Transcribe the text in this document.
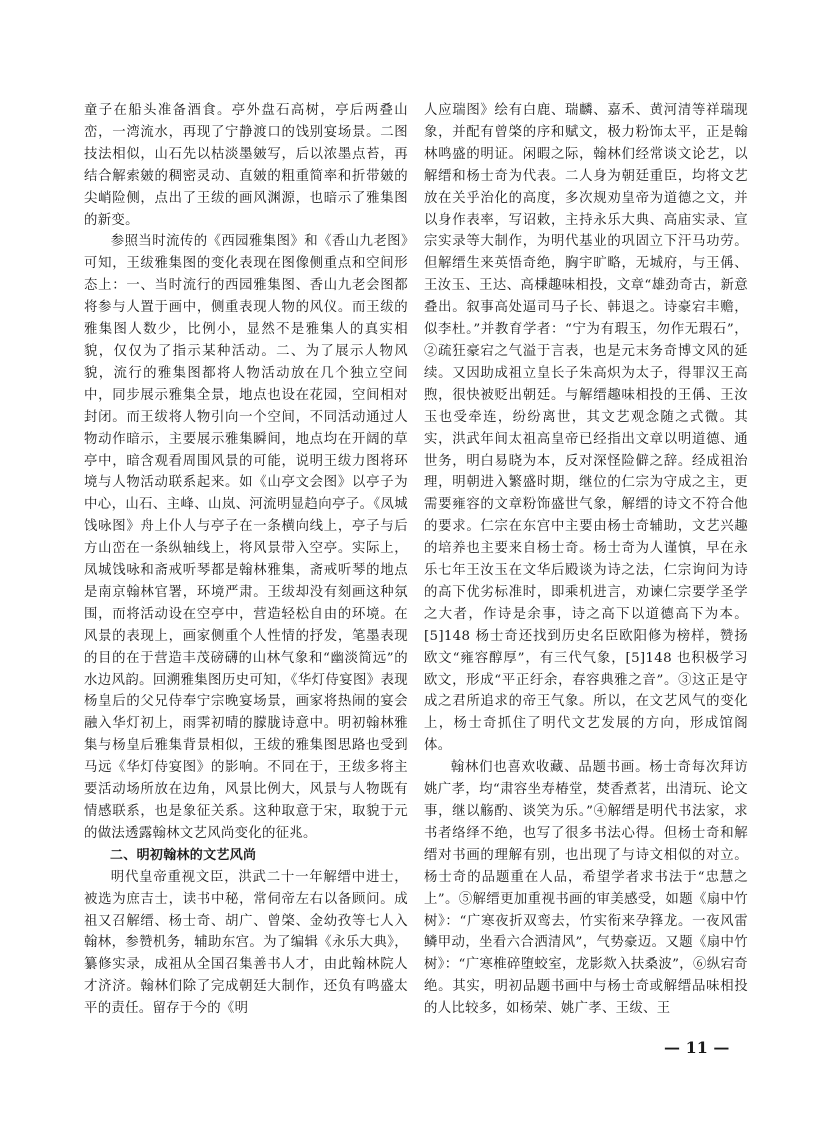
童子在船头准备酒食。亭外盘石高树，亭后两叠山峦，一湾流水，再现了宁静渡口的饯别宴场景。二图技法相似，山石先以枯淡墨皴写，后以浓墨点苔，再结合解索皴的稠密灵动、直皴的粗重简率和折带皴的尖峭险侧，点出了王绂的画风渊源，也暗示了雅集图的新变。

参照当时流传的《西园雅集图》和《香山九老图》可知，王绂雅集图的变化表现在图像侧重点和空间形态上：一、当时流行的西园雅集图、香山九老会图都将参与人置于画中，侧重表现人物的风仪。而王绂的雅集图人数少，比例小，显然不是雅集人的真实相貌，仅仅为了指示某种活动。二、为了展示人物风貌，流行的雅集图都将人物活动放在几个独立空间中，同步展示雅集全景，地点也设在花园，空间相对封闭。而王绂将人物引向一个空间，不同活动通过人物动作暗示，主要展示雅集瞬间，地点均在开阔的草亭中，暗含观看周围风景的可能，说明王绂力图将环境与人物活动联系起来。如《山亭文会图》以亭子为中心，山石、主峰、山岚、河流明显趋向亭子。《凤城饯咏图》舟上仆人与亭子在一条横向线上，亭子与后方山峦在一条纵轴线上，将风景带入空亭。实际上，凤城饯咏和斋戒听琴都是翰林雅集，斋戒听琴的地点是南京翰林官署，环境严肃。王绂却没有刻画这种氛围，而将活动设在空亭中，营造轻松自由的环境。在风景的表现上，画家侧重个人性情的抒发，笔墨表现的目的在于营造丰茂磅礴的山林气象和“幽淡简远”的水边风韵。回溯雅集图历史可知，《华灯侍宴图》表现杨皇后的父兄侍奉宁宗晚宴场景，画家将热闹的宴会融入华灯初上，雨霁初晴的朦胧诗意中。明初翰林雅集与杨皇后雅集背景相似，王绂的雅集图思路也受到马远《华灯侍宴图》的影响。不同在于，王绂多将主要活动场所放在边角，风景比例大，风景与人物既有情感联系，也是象征关系。这种取意于宋，取貌于元的做法透露翰林文艺风尚变化的征兆。

二、明初翰林的文艺风尚

明代皇帝重视文臣，洪武二十一年解缙中进士，被选为庶吉士，读书中秘，常伺帝左右以备顾问。成祖又召解缙、杨士奇、胡广、曾棨、金幼孜等七人入翰林，参赞机务，辅助东宫。为了编辑《永乐大典》，纂修实录，成祖从全国召集善书人才，由此翰林院人才济济。翰林们除了完成朝廷大制作，还负有鸣盛太平的责任。留存于今的《明

人应瑞图》绘有白鹿、瑞麟、嘉禾、黄河清等祥瑞现象，并配有曾棨的序和赋文，极力粉饰太平，正是翰林鸣盛的明证。闲暇之际，翰林们经常谈文论艺，以解缙和杨士奇为代表。二人身为朝廷重臣，均将文艺放在关乎治化的高度，多次规劝皇帝为道德之文，并以身作表率，写诏敕，主持永乐大典、高庙实录、宣宗实录等大制作，为明代基业的巩固立下汗马功劳。但解缙生来英悟奇绝，胸宇旷略，无城府，与王偁、王汝玉、王达、高棅趣味相投，文章“雄劲奇古，新意叠出。叙事高处逼司马子长、韩退之。诗豪宕丰赡，似李杜。”并教育学者：“宁为有瑕玉，勿作无瑕石”，②疏狂豪宕之气溢于言表，也是元末务奇博文风的延续。又因助成祖立皇长子朱高炽为太子，得罪汉王高煦，很快被贬出朝廷。与解缙趣味相投的王偁、王汝玉也受牵连，纷纷离世，其文艺观念随之式微。其实，洪武年间太祖高皇帝已经指出文章以明道德、通世务，明白易晓为本，反对深怪险僻之辞。经成祖治理，明朝进入繁盛时期，继位的仁宗为守成之主，更需要雍容的文章粉饰盛世气象，解缙的诗文不符合他的要求。仁宗在东宫中主要由杨士奇辅助，文艺兴趣的培养也主要来自杨士奇。杨士奇为人谨慎，早在永乐七年王汝玉在文华后殿谈为诗之法，仁宗询问为诗的高下优劣标准时，即乘机进言，劝谏仁宗要学圣学之大者，作诗是余事，诗之高下以道德高下为本。[5]148 杨士奇还找到历史名臣欧阳修为榜样，赞扬欧文“雍容醇厚”，有三代气象，[5]148 也积极学习欧文，形成“平正纡余，春容典雅之音”。③这正是守成之君所追求的帝王气象。所以，在文艺风气的变化上，杨士奇抓住了明代文艺发展的方向，形成馆阁体。

翰林们也喜欢收藏、品题书画。杨士奇每次拜访姚广孝，均“肃容坐寿椿堂，焚香煮茗，出清玩、论文事，继以觞酌、谈笑为乐。”④解缙是明代书法家，求书者络绎不绝，也写了很多书法心得。但杨士奇和解缙对书画的理解有别，也出现了与诗文相似的对立。杨士奇的品题重在人品，希望学者求书法于“忠慧之上”。⑤解缙更加重视书画的审美感受，如题《扇中竹树》：“广寒夜折双鸾去，竹实衔来孕箨龙。一夜风雷鳞甲动，坐看六合洒清风”，气势豪迈。又题《扇中竹树》：“广寒椎碎堕蛟室，龙影欻入扶桑波”，⑥纵宕奇绝。其实，明初品题书画中与杨士奇或解缙品味相投的人比较多，如杨荣、姚广孝、王绂、王

— 11 —
